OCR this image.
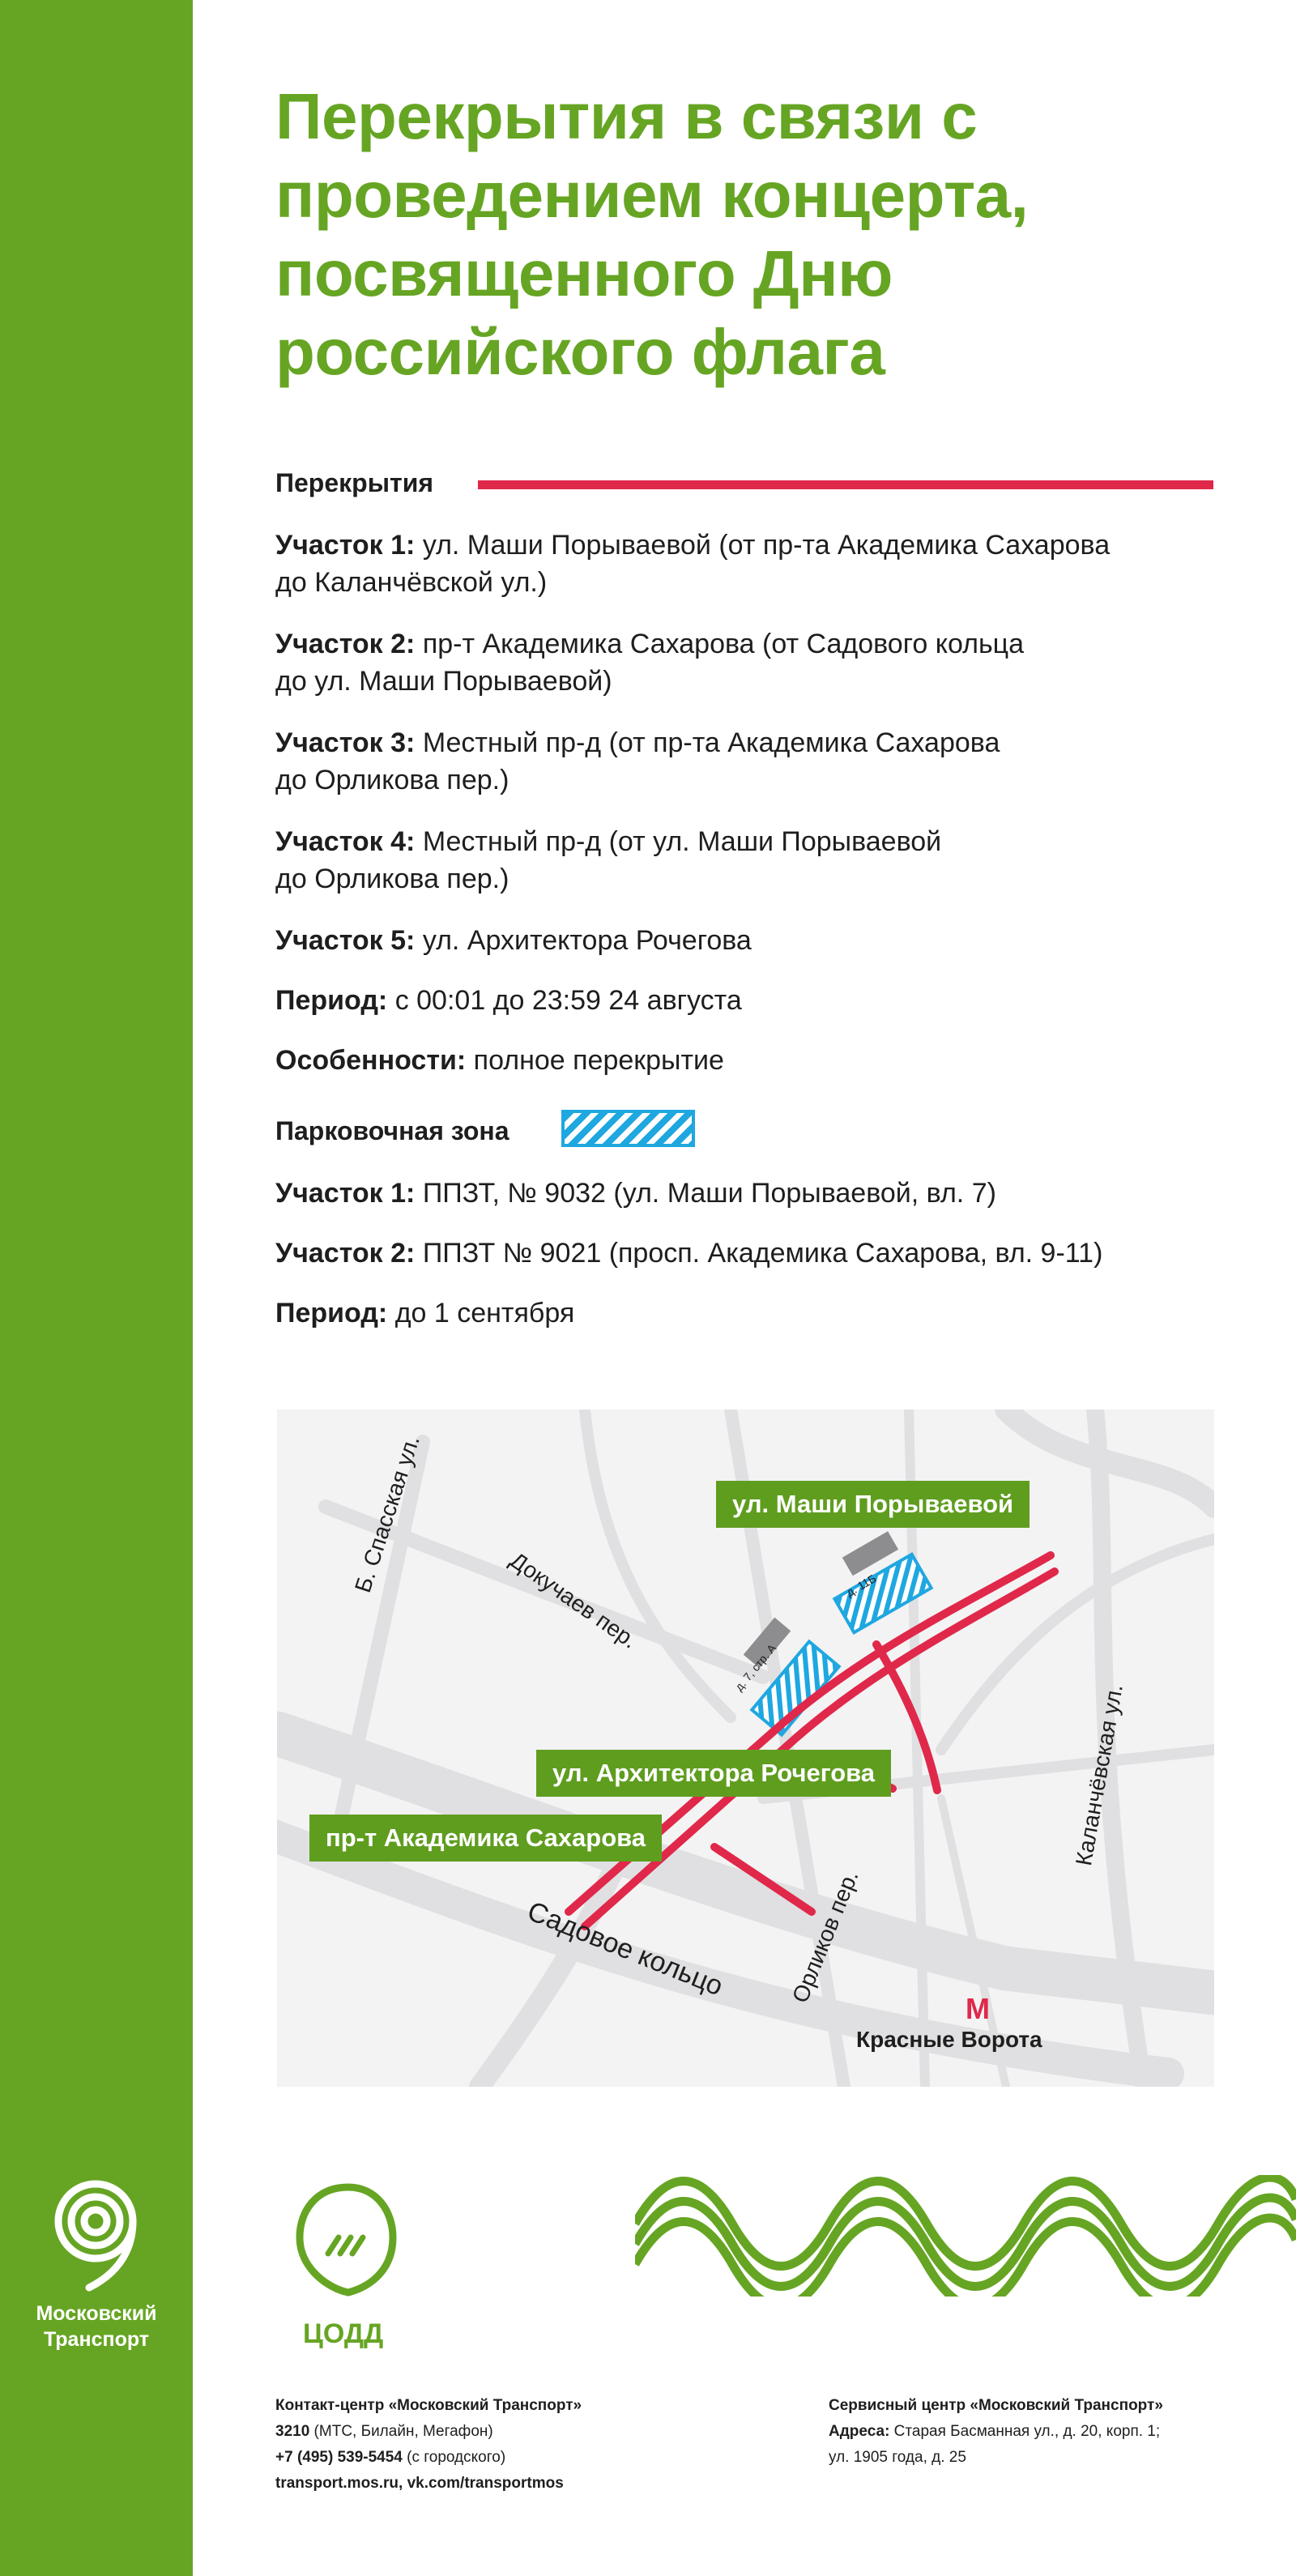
Перекрытия в связи с проведением концерта, посвященного Дню российского флага
Перекрытия
Участок 1: ул. Маши Порываевой (от пр-та Академика Сахарова
до Каланчёвской ул.)
Участок 2: пр-т Академика Сахарова (от Садового кольца
до ул. Маши Порываевой)
Участок 3: Местный пр-д (от пр-та Академика Сахарова
до Орликова пер.)
Участок 4: Местный пр-д (от ул. Маши Порываевой
до Орликова пер.)
Участок 5: ул. Архитектора Рочегова
Период: с 00:01 до 23:59 24 августа
Особенности: полное перекрытие
Парковочная зона
Участок 1: ППЗТ, № 9032 (ул. Маши Порываевой, вл. 7)
Участок 2: ППЗТ № 9021 (просп. Академика Сахарова, вл. 9-11)
Период: до 1 сентября
ул. Маши Порываевой
ул. Архитектора Рочегова
пр-т Академика Сахарова
Б. Спасская ул.
Докучаев пер.
Каланчёвская ул.
Садовое кольцо	Орликов пер.
д. 11Б
д. 7, стр. А
M
Красные Ворота
Московский
Транспорт	ЦОДД
Контакт-центр «Московский Транспорт»
3210 (МТС, Билайн, Мегафон)
+7 (495) 539-5454 (с городского)
transport.mos.ru, vk.com/transportmos
Сервисный центр «Московский Транспорт»
Адреса: Старая Басманная ул., д. 20, корп. 1;
ул. 1905 года, д. 25
